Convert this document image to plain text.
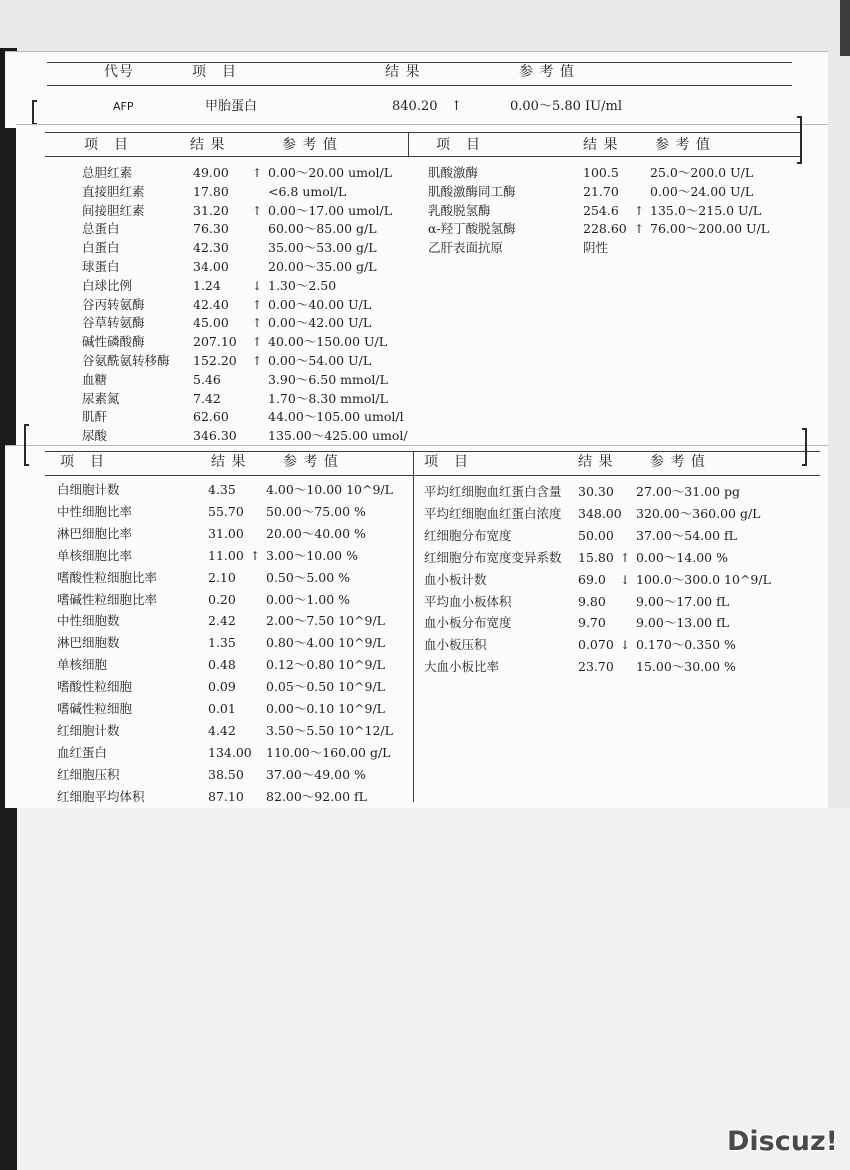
代号	项　目	结 果	参 考 值
AFP	甲胎蛋白	840.20 ↑	0.00～5.80 IU/ml
项　目	结 果	参 考 值	项　目	结 果	参 考 值
项　目	结 果	参 考 值	项　目	结 果	参 考 值
总胆红素	49.00 ↑ 0.00～20.00 umol/L
直接胆红素	17.80	<6.8 umol/L
间接胆红素	31.20 ↑ 0.00～17.00 umol/L
总蛋白	76.30	60.00～85.00 g/L
白蛋白	42.30	35.00～53.00 g/L
球蛋白	34.00	20.00～35.00 g/L
白球比例	1.24	↓ 1.30～2.50
谷丙转氨酶	42.40 ↑ 0.00～40.00 U/L
谷草转氨酶	45.00 ↑ 0.00～42.00 U/L
碱性磷酸酶	207.10 ↑ 40.00～150.00 U/L
谷氨酰氨转移酶 152.20 ↑ 0.00～54.00 U/L
血糖	5.46	3.90～6.50 mmol/L
尿素氮	7.42	1.70～8.30 mmol/L
肌酐	62.60	44.00～105.00 umol/l
尿酸	346.30	135.00～425.00 umol/
肌酸激酶	100.5 25.0～200.0 U/L
肌酸激酶同工酶	21.70 0.00～24.00 U/L
乳酸脱氢酶	254.6 ↑ 135.0～215.0 U/L
α-羟丁酸脱氢酶	228.60 ↑ 76.00～200.00 U/L
乙肝表面抗原	阴性
白细胞计数	4.35 4.00～10.00 10^9/L
中性细胞比率	55.70 50.00～75.00 %
淋巴细胞比率	31.00 20.00～40.00 %
单核细胞比率	11.00 ↑ 3.00～10.00 %
嗜酸性粒细胞比率	2.10 0.50～5.00 %
嗜碱性粒细胞比率	0.20 0.00～1.00 %
中性细胞数	2.42 2.00～7.50 10^9/L
淋巴细胞数	1.35 0.80～4.00 10^9/L
单核细胞	0.48 0.12～0.80 10^9/L
嗜酸性粒细胞	0.09 0.05～0.50 10^9/L
嗜碱性粒细胞	0.01 0.00～0.10 10^9/L
红细胞计数	4.42 3.50～5.50 10^12/L
血红蛋白	134.00 110.00～160.00 g/L
红细胞压积	38.50 37.00～49.00 %
红细胞平均体积	87.10 82.00～92.00 fL
平均红细胞血红蛋白含量 30.30 27.00～31.00 pg
平均红细胞血红蛋白浓度 348.00 320.00～360.00 g/L
红细胞分布宽度	50.00 37.00～54.00 fL
红细胞分布宽度变异系数 15.80 ↑ 0.00～14.00 %
血小板计数	69.0 ↓ 100.0～300.0 10^9/L
平均血小板体积	9.80 9.00～17.00 fL
血小板分布宽度	9.70 9.00～13.00 fL
血小板压积	0.070 ↓ 0.170～0.350 %
大血小板比率	23.70 15.00～30.00 %
Discuz!
